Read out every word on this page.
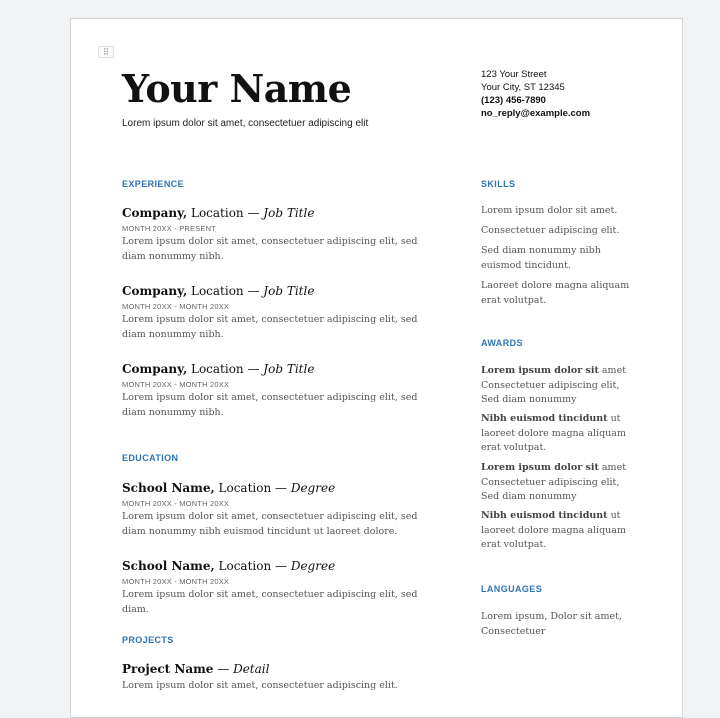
⠿
Your Name
Lorem ipsum dolor sit amet, consectetuer adipiscing elit
123 Your Street
Your City, ST 12345
(123) 456-7890
no_reply@example.com
EXPERIENCE
Company, Location — Job Title
MONTH 20XX - PRESENT
Lorem ipsum dolor sit amet, consectetuer adipiscing elit, sed diam nonummy nibh.
Company, Location — Job Title
MONTH 20XX - MONTH 20XX
Lorem ipsum dolor sit amet, consectetuer adipiscing elit, sed diam nonummy nibh.
Company, Location — Job Title
MONTH 20XX - MONTH 20XX
Lorem ipsum dolor sit amet, consectetuer adipiscing elit, sed diam nonummy nibh.
EDUCATION
School Name, Location — Degree
MONTH 20XX - MONTH 20XX
Lorem ipsum dolor sit amet, consectetuer adipiscing elit, sed diam nonummy nibh euismod tincidunt ut laoreet dolore.
School Name, Location — Degree
MONTH 20XX - MONTH 20XX
Lorem ipsum dolor sit amet, consectetuer adipiscing elit, sed diam.
PROJECTS
Project Name — Detail
Lorem ipsum dolor sit amet, consectetuer adipiscing elit.
SKILLS
Lorem ipsum dolor sit amet.
Consectetuer adipiscing elit.
Sed diam nonummy nibh euismod tincidunt.
Laoreet dolore magna aliquam erat volutpat.
AWARDS
Lorem ipsum dolor sit amet Consectetuer adipiscing elit, Sed diam nonummy
Nibh euismod tincidunt ut laoreet dolore magna aliquam erat volutpat.
Lorem ipsum dolor sit amet Consectetuer adipiscing elit, Sed diam nonummy
Nibh euismod tincidunt ut laoreet dolore magna aliquam erat volutpat.
LANGUAGES
Lorem ipsum, Dolor sit amet, Consectetuer
